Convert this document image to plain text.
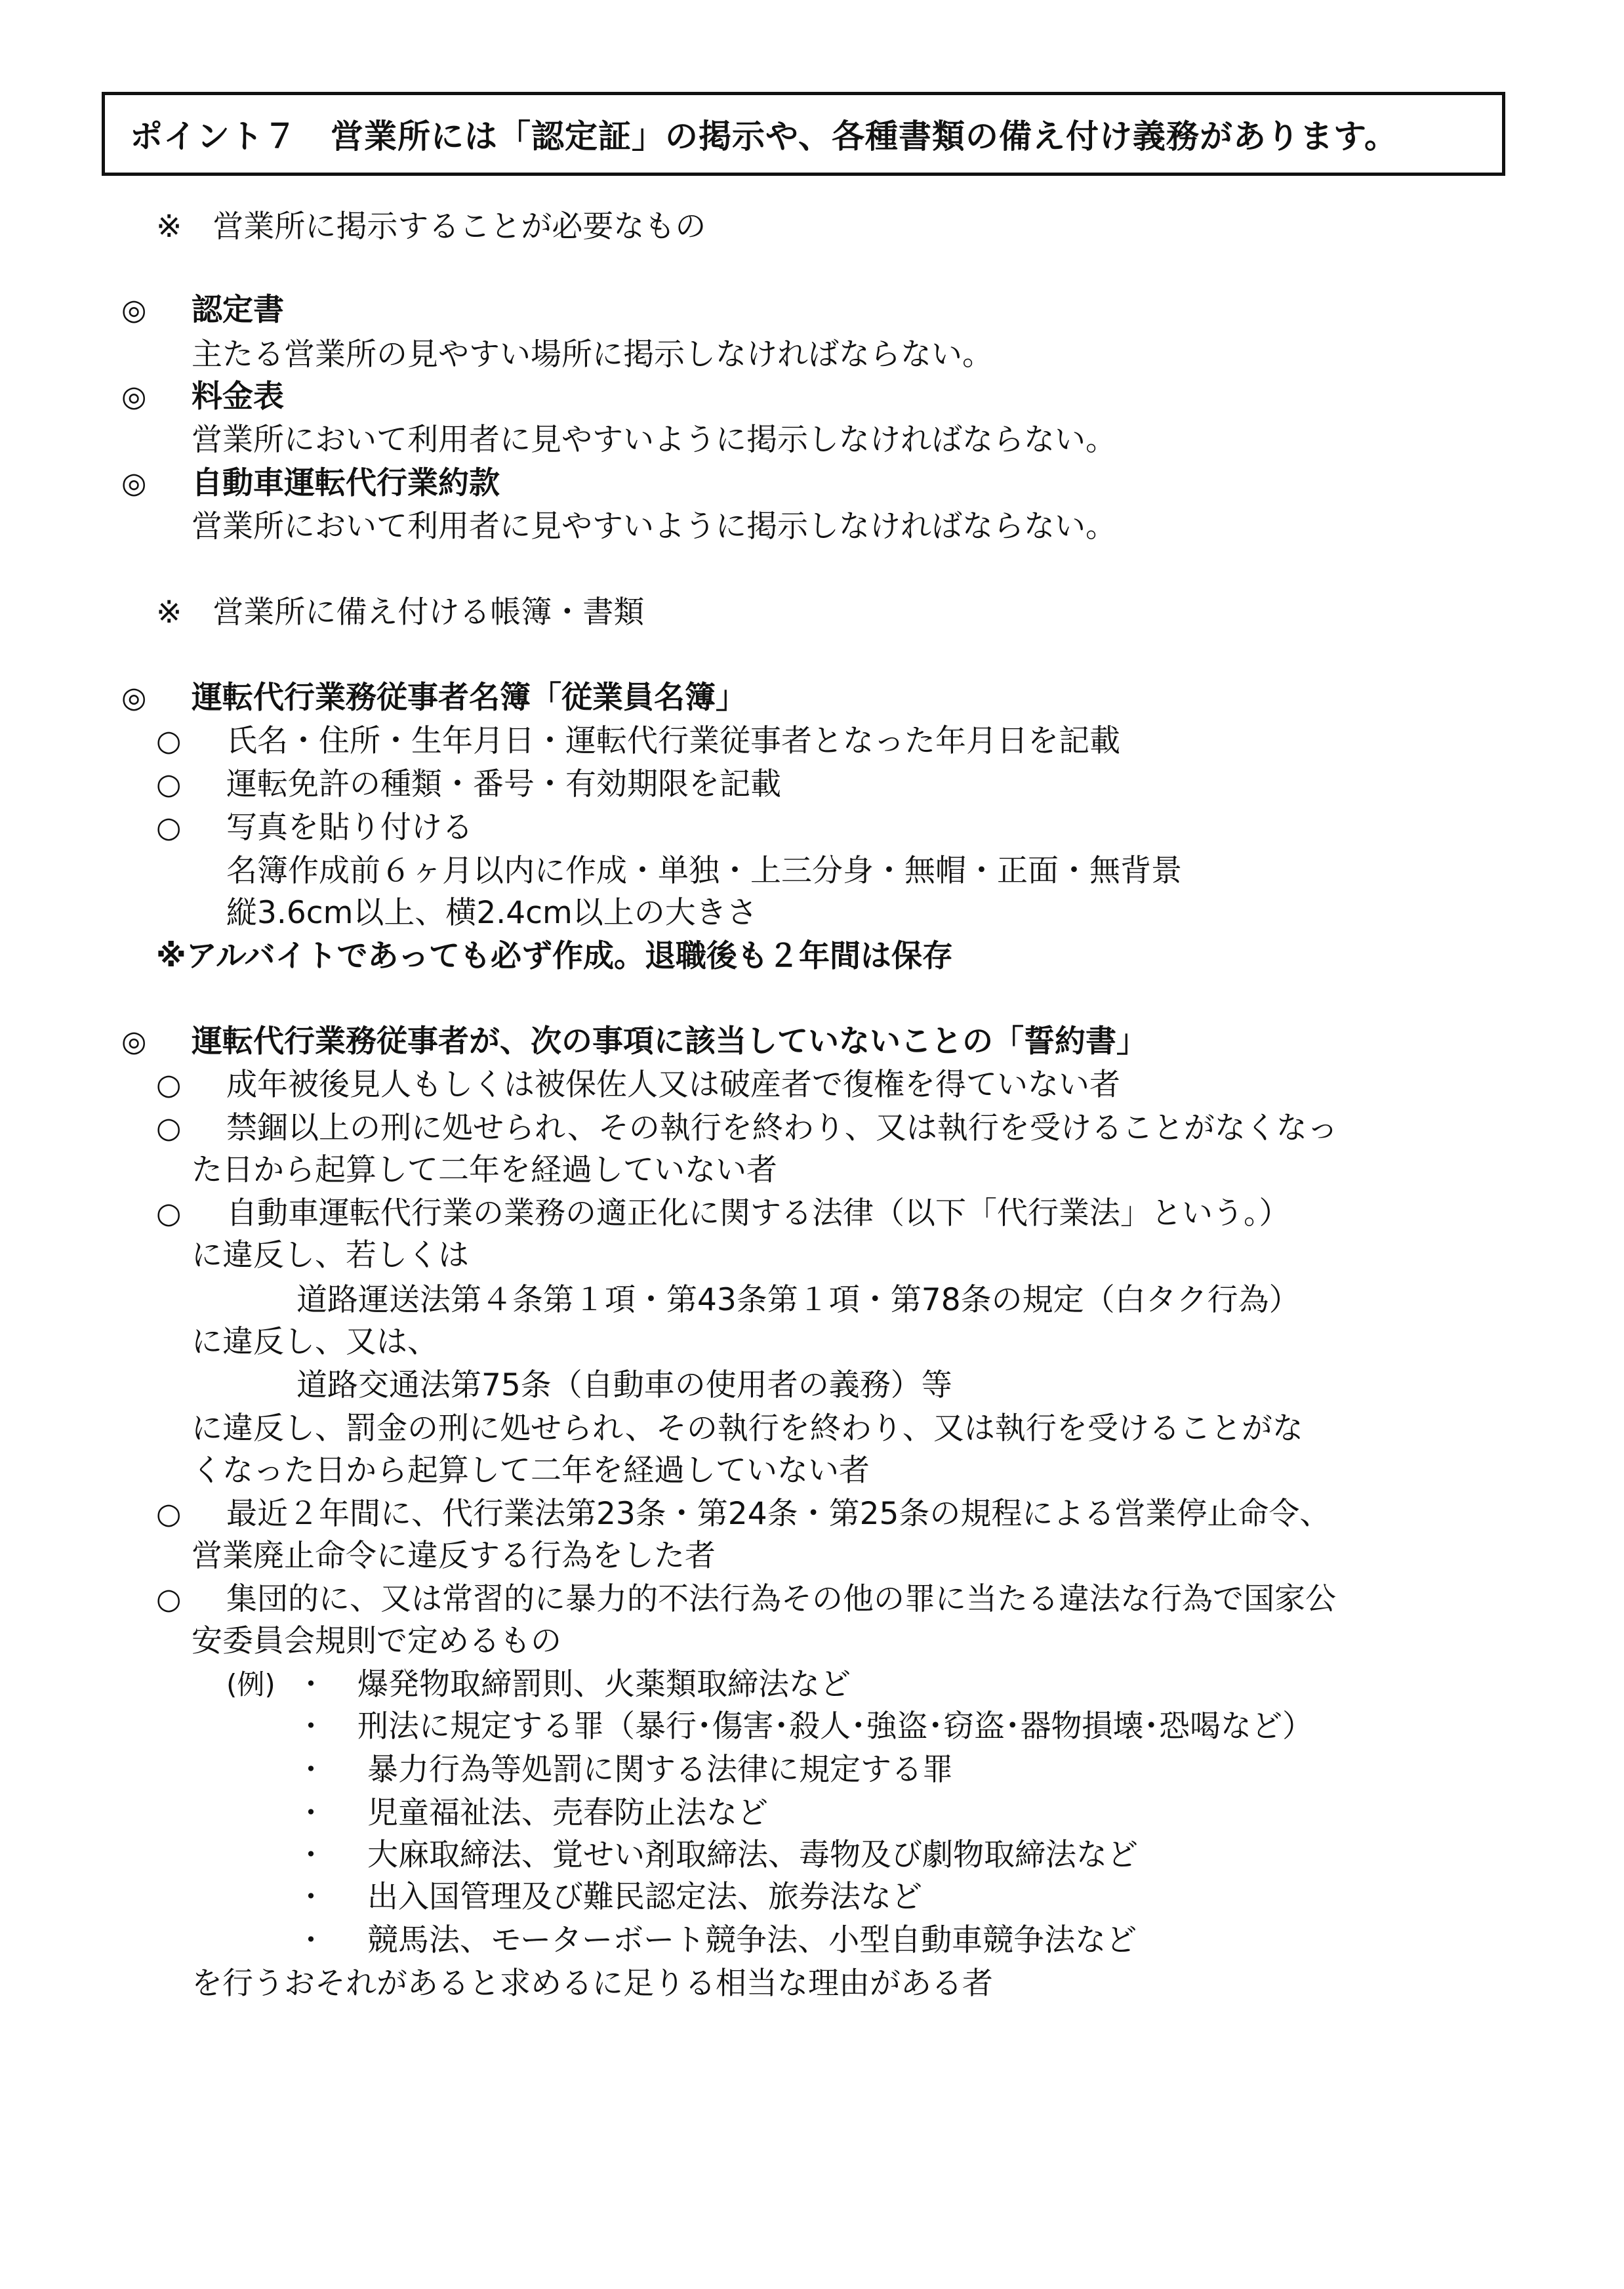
ポイント７　営業所には「認定証」の掲示や、各種書類の備え付け義務があります。
※　営業所に掲示することが必要なもの
◎ 認定書
主たる営業所の見やすい場所に掲示しなければならない。
◎ 料金表
営業所において利用者に見やすいように掲示しなければならない。
◎ 自動車運転代行業約款
営業所において利用者に見やすいように掲示しなければならない。
※　営業所に備え付ける帳簿・書類
◎ 運転代行業務従事者名簿「従業員名簿」
○ 氏名・住所・生年月日・運転代行業従事者となった年月日を記載
○ 運転免許の種類・番号・有効期限を記載
○ 写真を貼り付ける
名簿作成前６ヶ月以内に作成・単独・上三分身・無帽・正面・無背景
縦3.6cm以上、横2.4cm以上の大きさ
※アルバイトであっても必ず作成。退職後も２年間は保存
◎ 運転代行業務従事者が、次の事項に該当していないことの「誓約書」
○ 成年被後見人もしくは被保佐人又は破産者で復権を得ていない者
○ 禁錮以上の刑に処せられ、その執行を終わり、又は執行を受けることがなくなっ
た日から起算して二年を経過していない者
○ 自動車運転代行業の業務の適正化に関する法律（以下「代行業法」という。）
に違反し、若しくは
道路運送法第４条第１項・第43条第１項・第78条の規定（白タク行為）
に違反し、又は、
道路交通法第75条（自動車の使用者の義務）等
に違反し、罰金の刑に処せられ、その執行を終わり、又は執行を受けることがな
くなった日から起算して二年を経過していない者
○ 最近２年間に、代行業法第23条・第24条・第25条の規程による営業停止命令、
営業廃止命令に違反する行為をした者
○ 集団的に、又は常習的に暴力的不法行為その他の罪に当たる違法な行為で国家公
安委員会規則で定めるもの
(例) ・ 爆発物取締罰則、火薬類取締法など
・ 刑法に規定する罪（暴行･傷害･殺人･強盗･窃盗･器物損壊･恐喝など）
・ 暴力行為等処罰に関する法律に規定する罪
・ 児童福祉法、売春防止法など
・ 大麻取締法、覚せい剤取締法、毒物及び劇物取締法など
・ 出入国管理及び難民認定法、旅券法など
・ 競馬法、モーターボート競争法、小型自動車競争法など
を行うおそれがあると求めるに足りる相当な理由がある者
